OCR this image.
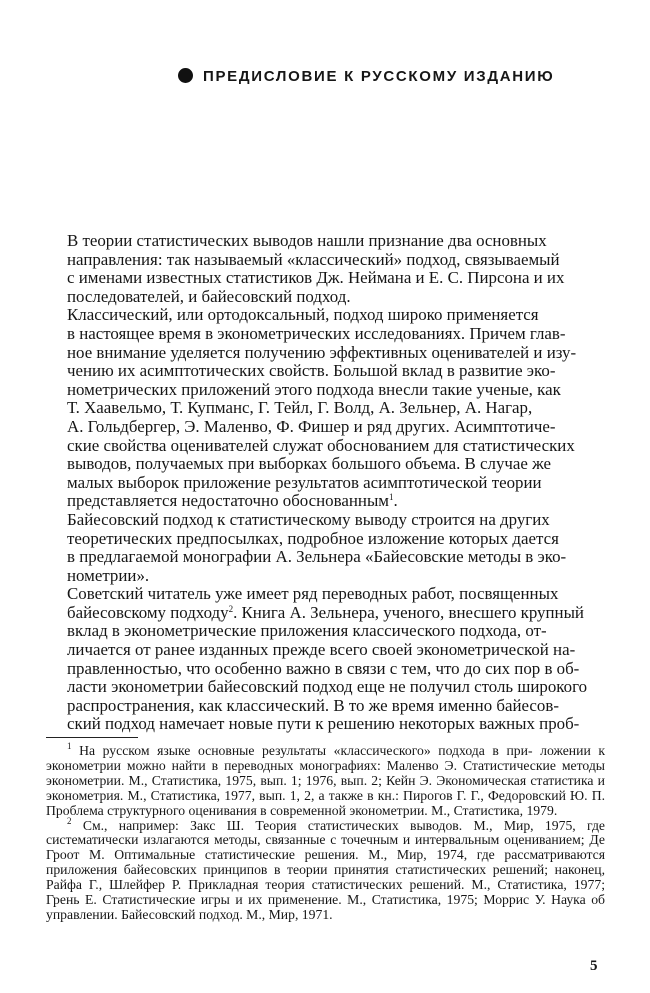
ПРЕДИСЛОВИЕ К РУССКОМУ ИЗДАНИЮ

В теории статистических выводов нашли признание два основных
направления: так называемый «классический» подход, связываемый
с именами известных статистиков Дж. Неймана и Е. С. Пирсона и их
последователей, и байесовский подход.

Классический, или ортодоксальный, подход широко применяется
в настоящее время в эконометрических исследованиях. Причем глав-
ное внимание уделяется получению эффективных оценивателей и изу-
чению их асимптотических свойств. Большой вклад в развитие эко-
нометрических приложений этого подхода внесли такие ученые, как
Т. Хаавельмо, Т. Купманс, Г. Тейл, Г. Волд, А. Зельнер, А. Нагар,
А. Гольдбергер, Э. Маленво, Ф. Фишер и ряд других. Асимптотиче-
ские свойства оценивателей служат обоснованием для статистических
выводов, получаемых при выборках большого объема. В случае же
малых выборок приложение результатов асимптотической теории
представляется недостаточно обоснованным$^1$.

Байесовский подход к статистическому выводу строится на других
теоретических предпосылках, подробное изложение которых дается
в предлагаемой монографии А. Зельнера «Байесовские методы в эко-
нометрии».

Советский читатель уже имеет ряд переводных работ, посвященных
байесовскому подходу$^2$. Книга А. Зельнера, ученого, внесшего крупный
вклад в эконометрические приложения классического подхода, от-
личается от ранее изданных прежде всего своей эконометрической на-
правленностью, что особенно важно в связи с тем, что до сих пор в об-
ласти эконометрии байесовский подход еще не получил столь широкого
распространения, как классический. В то же время именно байесов-
ский подход намечает новые пути к решению некоторых важных проб-

$^1$ На русском языке основные результаты «классического» подхода в при- ложении к эконометрии можно найти в переводных монографиях: Маленво Э. Статистические методы эконометрии. М., Статистика, 1975, вып. 1; 1976, вып. 2; Кейн Э. Экономическая статистика и эконометрия. М., Статистика, 1977, вып. 1, 2, а также в кн.: Пирогов Г. Г., Федоровский Ю. П. Проблема структурного оценивания в современной эконометрии. М., Статистика, 1979.

$^2$ См., например: Закс Ш. Теория статистических выводов. М., Мир, 1975, где систематически излагаются методы, связанные с точечным и интервальным оцениванием; Де Гроот М. Оптимальные статистические решения. М., Мир, 1974, где рассматриваются приложения байесовских принципов в теории принятия статистических решений; наконец, Райфа Г., Шлейфер Р. Прикладная теория статистических решений. М., Статистика, 1977; Грень Е. Статистические игры и их применение. М., Статистика, 1975; Моррис У. Наука об управлении. Байесовский подход. М., Мир, 1971.

5
